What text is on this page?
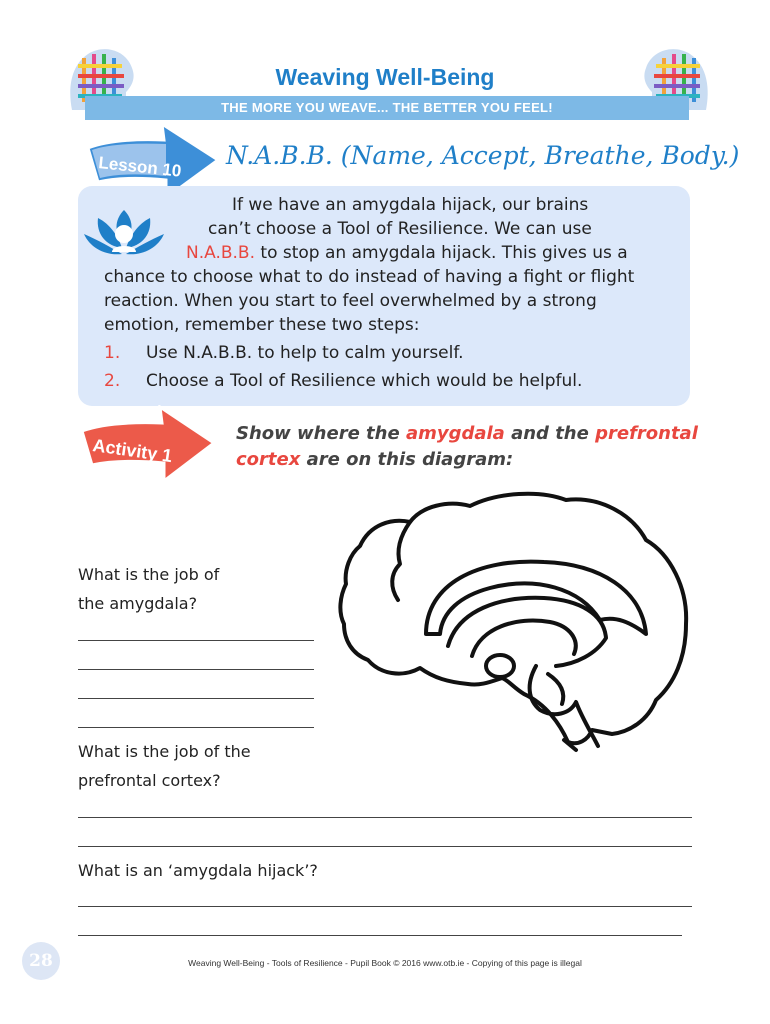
Weaving Well-Being
THE MORE YOU WEAVE... THE BETTER YOU FEEL!
Lesson 10 N.A.B.B. (Name, Accept, Breathe, Body.)
If we have an amygdala hijack, our brains
can’t choose a Tool of Resilience. We can use
N.A.B.B. to stop an amygdala hijack. This gives us a
chance to choose what to do instead of having a fight or flight
reaction. When you start to feel overwhelmed by a strong
emotion, remember these two steps:
1. Use N.A.B.B. to help to calm yourself.
2. Choose a Tool of Resilience which would be helpful.
Activity 1
Show where the amygdala and the prefrontal
cortex are on this diagram:
What is the job of
the amygdala?
What is the job of the
prefrontal cortex?
What is an ‘amygdala hijack’?
28	Weaving Well-Being - Tools of Resilience - Pupil Book © 2016 www.otb.ie - Copying of this page is illegal
